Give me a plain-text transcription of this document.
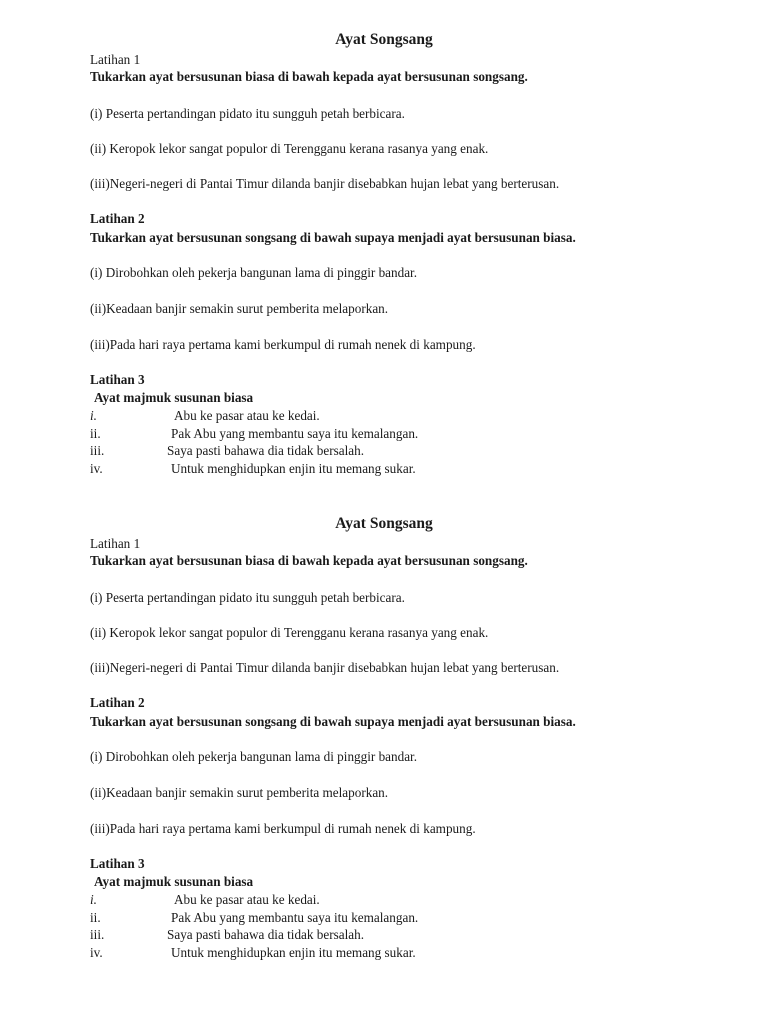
Ayat Songsang
Latihan 1
Tukarkan ayat bersusunan biasa di bawah kepada ayat bersusunan songsang.
(i) Peserta pertandingan pidato itu sungguh petah berbicara.
(ii) Keropok lekor sangat populor di Terengganu kerana rasanya yang enak.
(iii)Negeri-negeri di Pantai Timur dilanda banjir disebabkan hujan lebat yang berterusan.
Latihan 2
Tukarkan ayat bersusunan songsang di bawah supaya menjadi ayat bersusunan biasa.
(i) Dirobohkan oleh pekerja bangunan lama di pinggir bandar.
(ii)Keadaan banjir semakin surut pemberita melaporkan.
(iii)Pada hari raya pertama kami berkumpul di rumah nenek di kampung.
Latihan 3
Ayat majmuk susunan biasa
i.	Abu ke pasar atau ke kedai.
ii.	Pak Abu yang membantu saya itu kemalangan.
iii.	Saya pasti bahawa dia tidak bersalah.
iv.	Untuk menghidupkan enjin itu memang sukar.
Ayat Songsang
Latihan 1
Tukarkan ayat bersusunan biasa di bawah kepada ayat bersusunan songsang.
(i) Peserta pertandingan pidato itu sungguh petah berbicara.
(ii) Keropok lekor sangat populor di Terengganu kerana rasanya yang enak.
(iii)Negeri-negeri di Pantai Timur dilanda banjir disebabkan hujan lebat yang berterusan.
Latihan 2
Tukarkan ayat bersusunan songsang di bawah supaya menjadi ayat bersusunan biasa.
(i) Dirobohkan oleh pekerja bangunan lama di pinggir bandar.
(ii)Keadaan banjir semakin surut pemberita melaporkan.
(iii)Pada hari raya pertama kami berkumpul di rumah nenek di kampung.
Latihan 3
Ayat majmuk susunan biasa
i.	Abu ke pasar atau ke kedai.
ii.	Pak Abu yang membantu saya itu kemalangan.
iii.	Saya pasti bahawa dia tidak bersalah.
iv.	Untuk menghidupkan enjin itu memang sukar.
